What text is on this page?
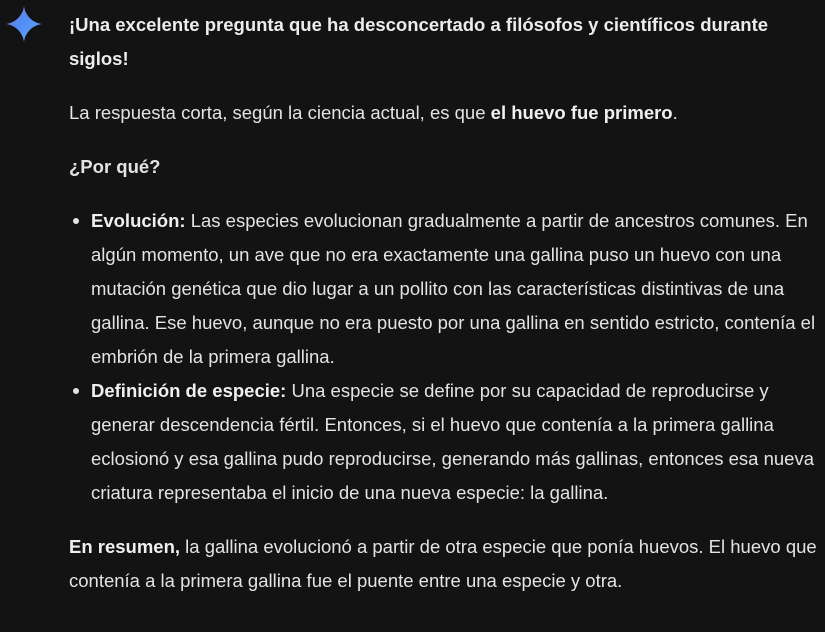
¡Una excelente pregunta que ha desconcertado a filósofos y científicos durante siglos!

La respuesta corta, según la ciencia actual, es que el huevo fue primero.

¿Por qué?

Evolución: Las especies evolucionan gradualmente a partir de ancestros comunes. En algún momento, un ave que no era exactamente una gallina puso un huevo con una mutación genética que dio lugar a un pollito con las características distintivas de una gallina. Ese huevo, aunque no era puesto por una gallina en sentido estricto, contenía el embrión de la primera gallina.
Definición de especie: Una especie se define por su capacidad de reproducirse y generar descendencia fértil. Entonces, si el huevo que contenía a la primera gallina eclosionó y esa gallina pudo reproducirse, generando más gallinas, entonces esa nueva criatura representaba el inicio de una nueva especie: la gallina.

En resumen, la gallina evolucionó a partir de otra especie que ponía huevos. El huevo que contenía a la primera gallina fue el puente entre una especie y otra.
